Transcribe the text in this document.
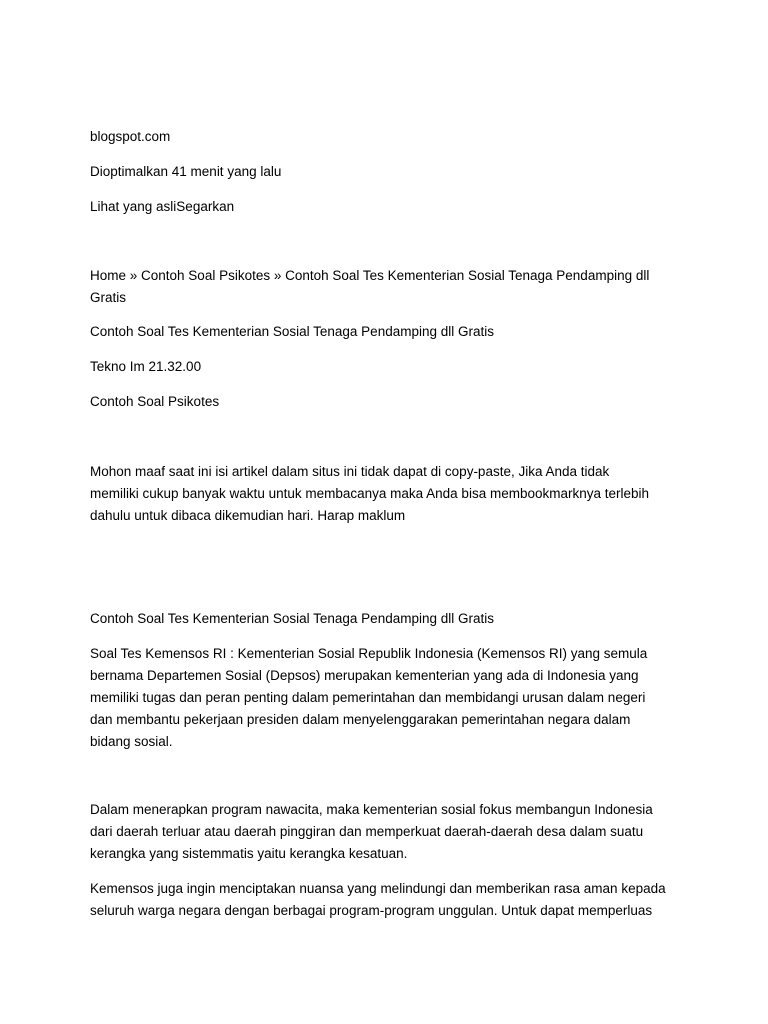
blogspot.com

Dioptimalkan 41 menit yang lalu

Lihat yang asliSegarkan

Home » Contoh Soal Psikotes » Contoh Soal Tes Kementerian Sosial Tenaga Pendamping dll
Gratis

Contoh Soal Tes Kementerian Sosial Tenaga Pendamping dll Gratis

Tekno Im 21.32.00

Contoh Soal Psikotes

Mohon maaf saat ini isi artikel dalam situs ini tidak dapat di copy-paste, Jika Anda tidak
memiliki cukup banyak waktu untuk membacanya maka Anda bisa membookmarknya terlebih
dahulu untuk dibaca dikemudian hari. Harap maklum

Contoh Soal Tes Kementerian Sosial Tenaga Pendamping dll Gratis

Soal Tes Kemensos RI : Kementerian Sosial Republik Indonesia (Kemensos RI) yang semula
bernama Departemen Sosial (Depsos) merupakan kementerian yang ada di Indonesia yang
memiliki tugas dan peran penting dalam pemerintahan dan membidangi urusan dalam negeri
dan membantu pekerjaan presiden dalam menyelenggarakan pemerintahan negara dalam
bidang sosial.
Dalam menerapkan program nawacita, maka kementerian sosial fokus membangun Indonesia
dari daerah terluar atau daerah pinggiran dan memperkuat daerah-daerah desa dalam suatu
kerangka yang sistemmatis yaitu kerangka kesatuan.
Kemensos juga ingin menciptakan nuansa yang melindungi dan memberikan rasa aman kepada
seluruh warga negara dengan berbagai program-program unggulan. Untuk dapat memperluas
